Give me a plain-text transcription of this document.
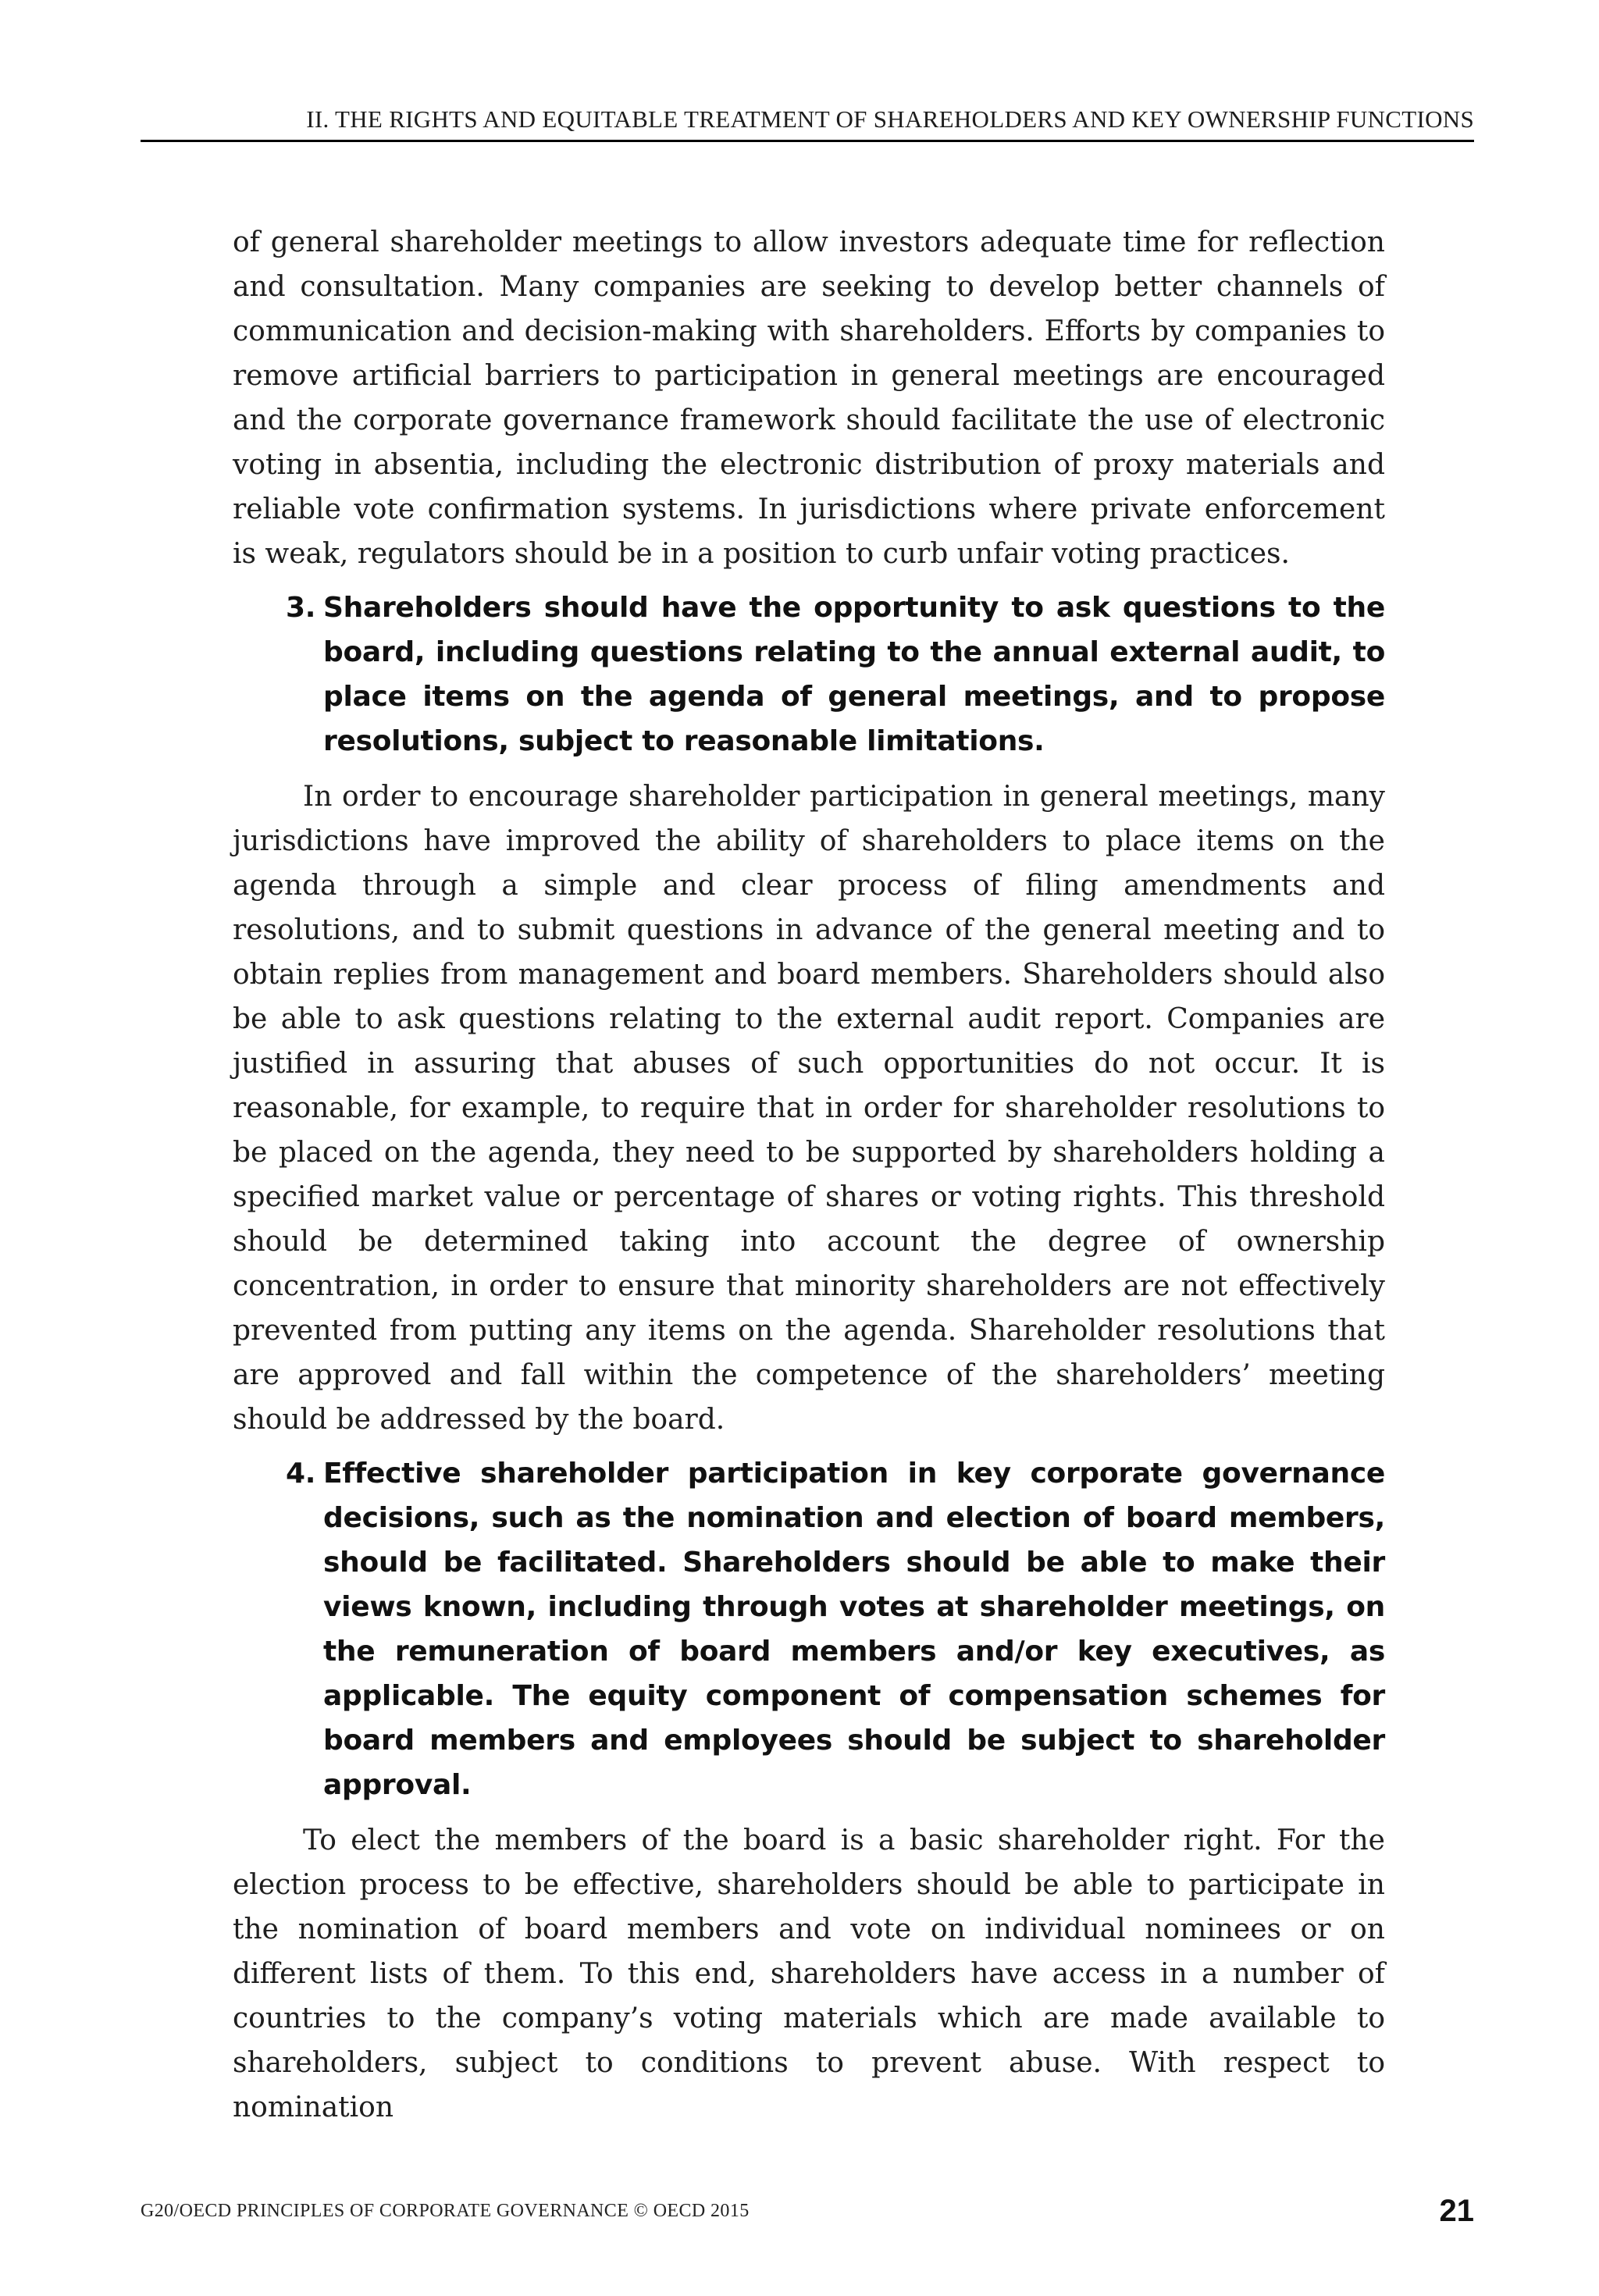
II. THE RIGHTS AND EQUITABLE TREATMENT OF SHAREHOLDERS AND KEY OWNERSHIP FUNCTIONS

of general shareholder meetings to allow investors adequate time for reflection and consultation. Many companies are seeking to develop better channels of communication and decision-making with shareholders. Efforts by companies to remove artificial barriers to participation in general meetings are encouraged and the corporate governance framework should facilitate the use of electronic voting in absentia, including the electronic distribution of proxy materials and reliable vote confirmation systems. In jurisdictions where private enforcement is weak, regulators should be in a position to curb unfair voting practices.

3. Shareholders should have the opportunity to ask questions to the board, including questions relating to the annual external audit, to place items on the agenda of general meetings, and to propose resolutions, subject to reasonable limitations.

In order to encourage shareholder participation in general meetings, many jurisdictions have improved the ability of shareholders to place items on the agenda through a simple and clear process of filing amendments and resolutions, and to submit questions in advance of the general meeting and to obtain replies from management and board members. Shareholders should also be able to ask questions relating to the external audit report. Companies are justified in assuring that abuses of such opportunities do not occur. It is reasonable, for example, to require that in order for shareholder resolutions to be placed on the agenda, they need to be supported by shareholders holding a specified market value or percentage of shares or voting rights. This threshold should be determined taking into account the degree of ownership concentration, in order to ensure that minority shareholders are not effectively prevented from putting any items on the agenda. Shareholder resolutions that are approved and fall within the competence of the shareholders’ meeting should be addressed by the board.

4. Effective shareholder participation in key corporate governance decisions, such as the nomination and election of board members, should be facilitated. Shareholders should be able to make their views known, including through votes at shareholder meetings, on the remuneration of board members and/or key executives, as applicable. The equity component of compensation schemes for board members and employees should be subject to shareholder approval.

To elect the members of the board is a basic shareholder right. For the election process to be effective, shareholders should be able to participate in the nomination of board members and vote on individual nominees or on different lists of them. To this end, shareholders have access in a number of countries to the company’s voting materials which are made available to shareholders, subject to conditions to prevent abuse. With respect to nomination

G20/OECD PRINCIPLES OF CORPORATE GOVERNANCE © OECD 2015	21
